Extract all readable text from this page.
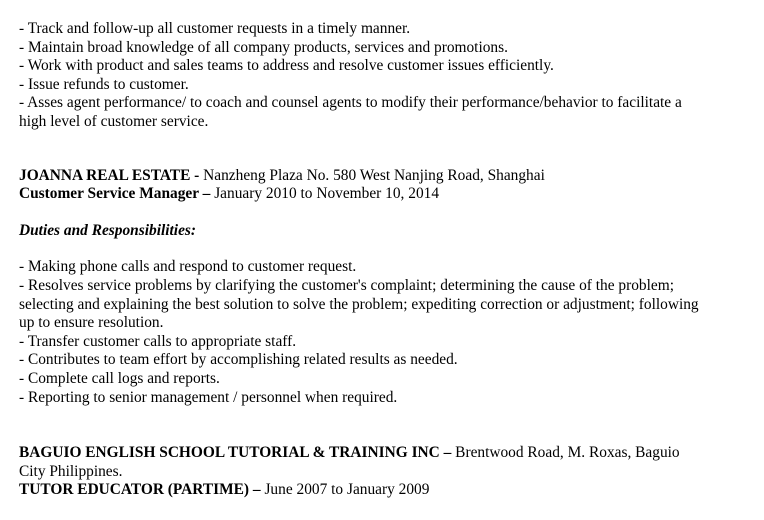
- Track and follow-up all customer requests in a timely manner.
- Maintain broad knowledge of all company products, services and promotions.
- Work with product and sales teams to address and resolve customer issues efficiently.
- Issue refunds to customer.
- Asses agent performance/ to coach and counsel agents to modify their performance/behavior to facilitate a
high level of customer service.
JOANNA REAL ESTATE - Nanzheng Plaza No. 580 West Nanjing Road, Shanghai
Customer Service Manager – January 2010 to November 10, 2014
Duties and Responsibilities:
- Making phone calls and respond to customer request.
- Resolves service problems by clarifying the customer's complaint; determining the cause of the problem;
selecting and explaining the best solution to solve the problem; expediting correction or adjustment; following
up to ensure resolution.
- Transfer customer calls to appropriate staff.
- Contributes to team effort by accomplishing related results as needed.
- Complete call logs and reports.
- Reporting to senior management / personnel when required.
BAGUIO ENGLISH SCHOOL TUTORIAL & TRAINING INC – Brentwood Road, M. Roxas, Baguio
City Philippines.
TUTOR EDUCATOR (PARTIME) – June 2007 to January 2009
